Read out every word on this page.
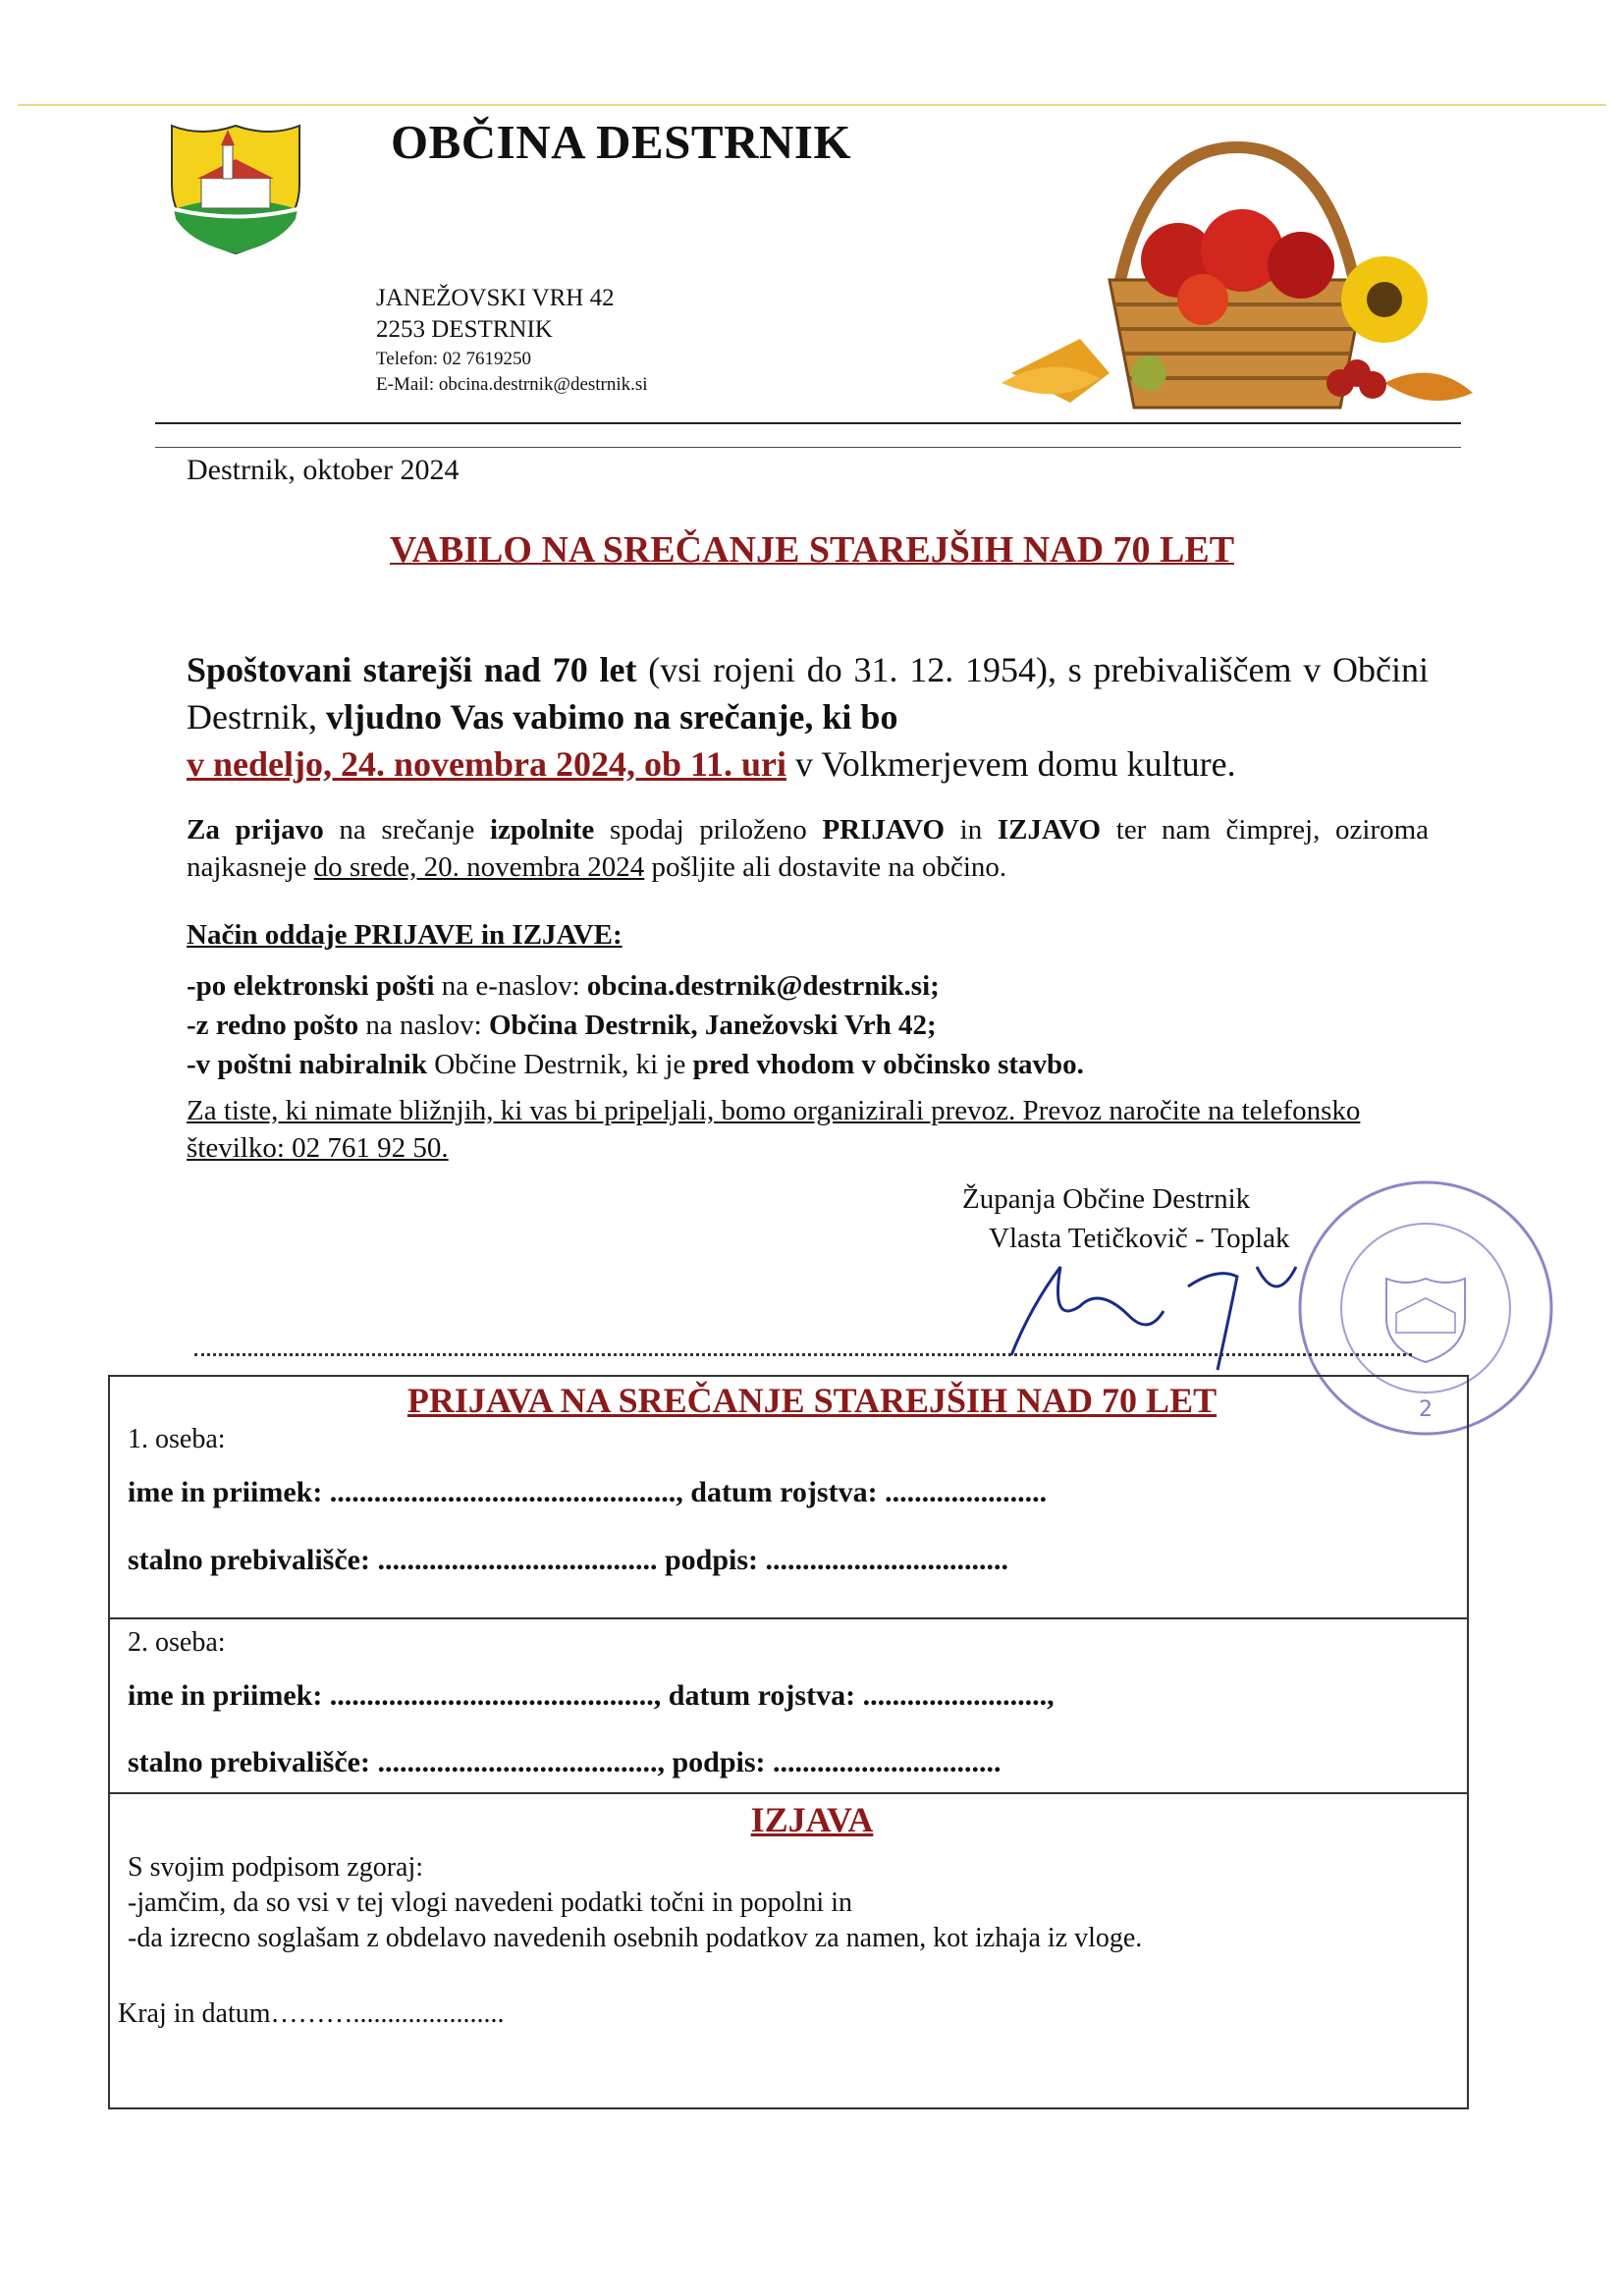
OBČINA DESTRNIK
JANEŽOVSKI VRH 42
2253 DESTRNIK
Telefon: 02 7619250
E-Mail: obcina.destrnik@destrnik.si
Destrnik, oktober 2024
VABILO NA SREČANJE STAREJŠIH NAD 70 LET
Spoštovani starejši nad 70 let (vsi rojeni do 31. 12. 1954), s prebivališčem v Občini Destrnik, vljudno Vas vabimo na srečanje, ki bo
v nedeljo, 24. novembra 2024, ob 11. uri v Volkmerjevem domu kulture.
Za prijavo na srečanje izpolnite spodaj priloženo PRIJAVO in IZJAVO ter nam čimprej, oziroma najkasneje do srede, 20. novembra 2024 pošljite ali dostavite na občino.
Način oddaje PRIJAVE in IZJAVE:
-po elektronski pošti na e-naslov: obcina.destrnik@destrnik.si;
-z redno pošto na naslov: Občina Destrnik, Janežovski Vrh 42;
-v poštni nabiralnik Občine Destrnik, ki je pred vhodom v občinsko stavbo.
Za tiste, ki nimate bližnjih, ki vas bi pripeljali, bomo organizirali prevoz. Prevoz naročite na telefonsko številko: 02 761 92 50.
Županja Občine Destrnik
Vlasta Tetičkovič - Toplak
2
PRIJAVA NA SREČANJE STAREJŠIH NAD 70 LET
1. oseba:
ime in priimek: ..............................................., datum rojstva: ......................
stalno prebivališče: ...................................... podpis: .................................
2. oseba:
ime in priimek: ............................................, datum rojstva: .........................,
stalno prebivališče: ......................................, podpis: ...............................
IZJAVA
S svojim podpisom zgoraj:
-jamčim, da so vsi v tej vlogi navedeni podatki točni in popolni in
-da izrecno soglašam z obdelavo navedenih osebnih podatkov za namen, kot izhaja iz vloge.
Kraj in datum………......................
